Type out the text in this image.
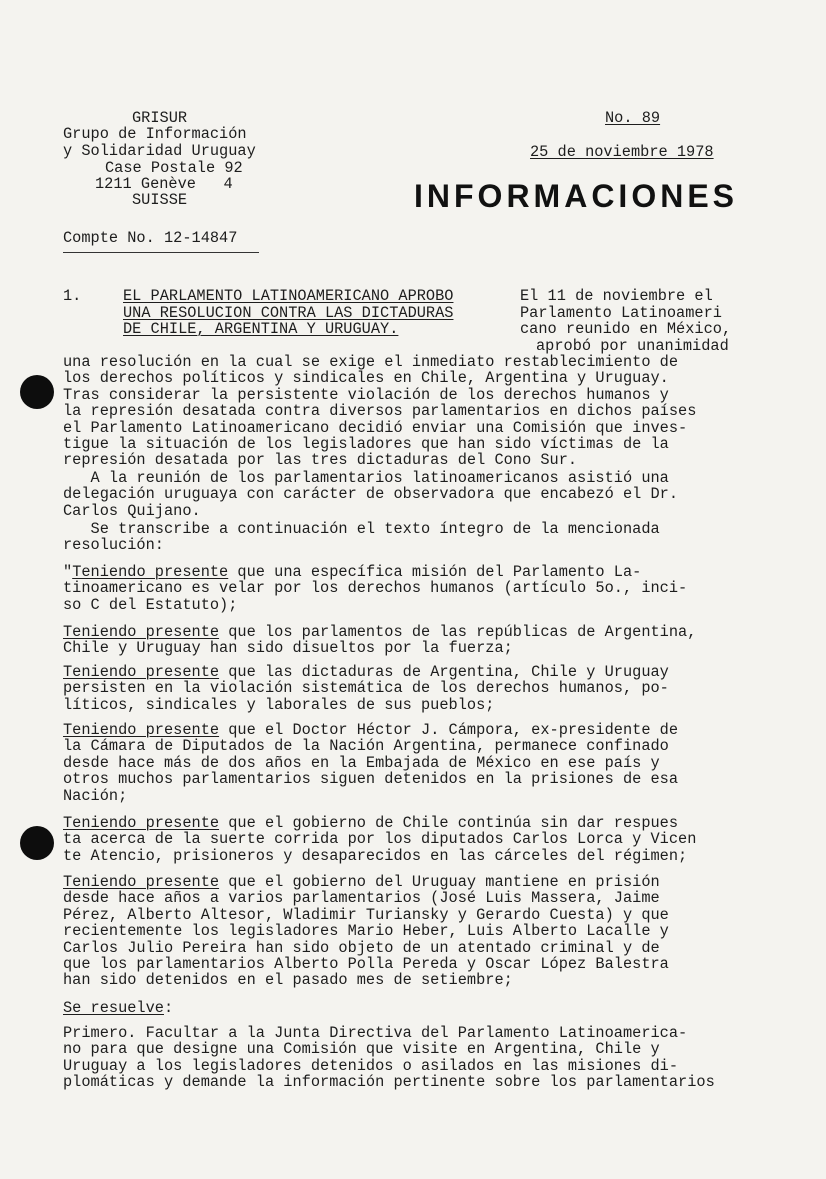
GRISUR
Grupo de Información
y Solidaridad Uruguay
Case Postale 92
1211 Genève   4
SUISSE
Compte No. 12-14847
No. 89
25 de noviembre 1978
INFORMACIONES
1.	EL PARLAMENTO LATINOAMERICANO APROBO
UNA RESOLUCION CONTRA LAS DICTADURAS
DE CHILE, ARGENTINA Y URUGUAY.
El 11 de noviembre el
Parlamento Latinoameri
cano reunido en México,
aprobó por unanimidad
una resolución en la cual se exige el inmediato restablecimiento de
los derechos políticos y sindicales en Chile, Argentina y Uruguay.
Tras considerar la persistente violación de los derechos humanos y
la represión desatada contra diversos parlamentarios en dichos países
el Parlamento Latinoamericano decidió enviar una Comisión que inves-
tigue la situación de los legisladores que han sido víctimas de la
represión desatada por las tres dictaduras del Cono Sur.
A la reunión de los parlamentarios latinoamericanos asistió una
delegación uruguaya con carácter de observadora que encabezó el Dr.
Carlos Quijano.
Se transcribe a continuación el texto íntegro de la mencionada
resolución:
"Teniendo presente que una específica misión del Parlamento La-
tinoamericano es velar por los derechos humanos (artículo 5o., inci-
so C del Estatuto);
Teniendo presente que los parlamentos de las repúblicas de Argentina,
Chile y Uruguay han sido disueltos por la fuerza;
Teniendo presente que las dictaduras de Argentina, Chile y Uruguay
persisten en la violación sistemática de los derechos humanos, po-
líticos, sindicales y laborales de sus pueblos;
Teniendo presente que el Doctor Héctor J. Cámpora, ex-presidente de
la Cámara de Diputados de la Nación Argentina, permanece confinado
desde hace más de dos años en la Embajada de México en ese país y
otros muchos parlamentarios siguen detenidos en la prisiones de esa
Nación;
Teniendo presente que el gobierno de Chile continúa sin dar respues
ta acerca de la suerte corrida por los diputados Carlos Lorca y Vicen
te Atencio, prisioneros y desaparecidos en las cárceles del régimen;
Teniendo presente que el gobierno del Uruguay mantiene en prisión
desde hace años a varios parlamentarios (José Luis Massera, Jaime
Pérez, Alberto Altesor, Wladimir Turiansky y Gerardo Cuesta) y que
recientemente los legisladores Mario Heber, Luis Alberto Lacalle y
Carlos Julio Pereira han sido objeto de un atentado criminal y de
que los parlamentarios Alberto Polla Pereda y Oscar López Balestra
han sido detenidos en el pasado mes de setiembre;
Se resuelve:
Primero. Facultar a la Junta Directiva del Parlamento Latinoamerica-
no para que designe una Comisión que visite en Argentina, Chile y
Uruguay a los legisladores detenidos o asilados en las misiones di-
plomáticas y demande la información pertinente sobre los parlamentarios
